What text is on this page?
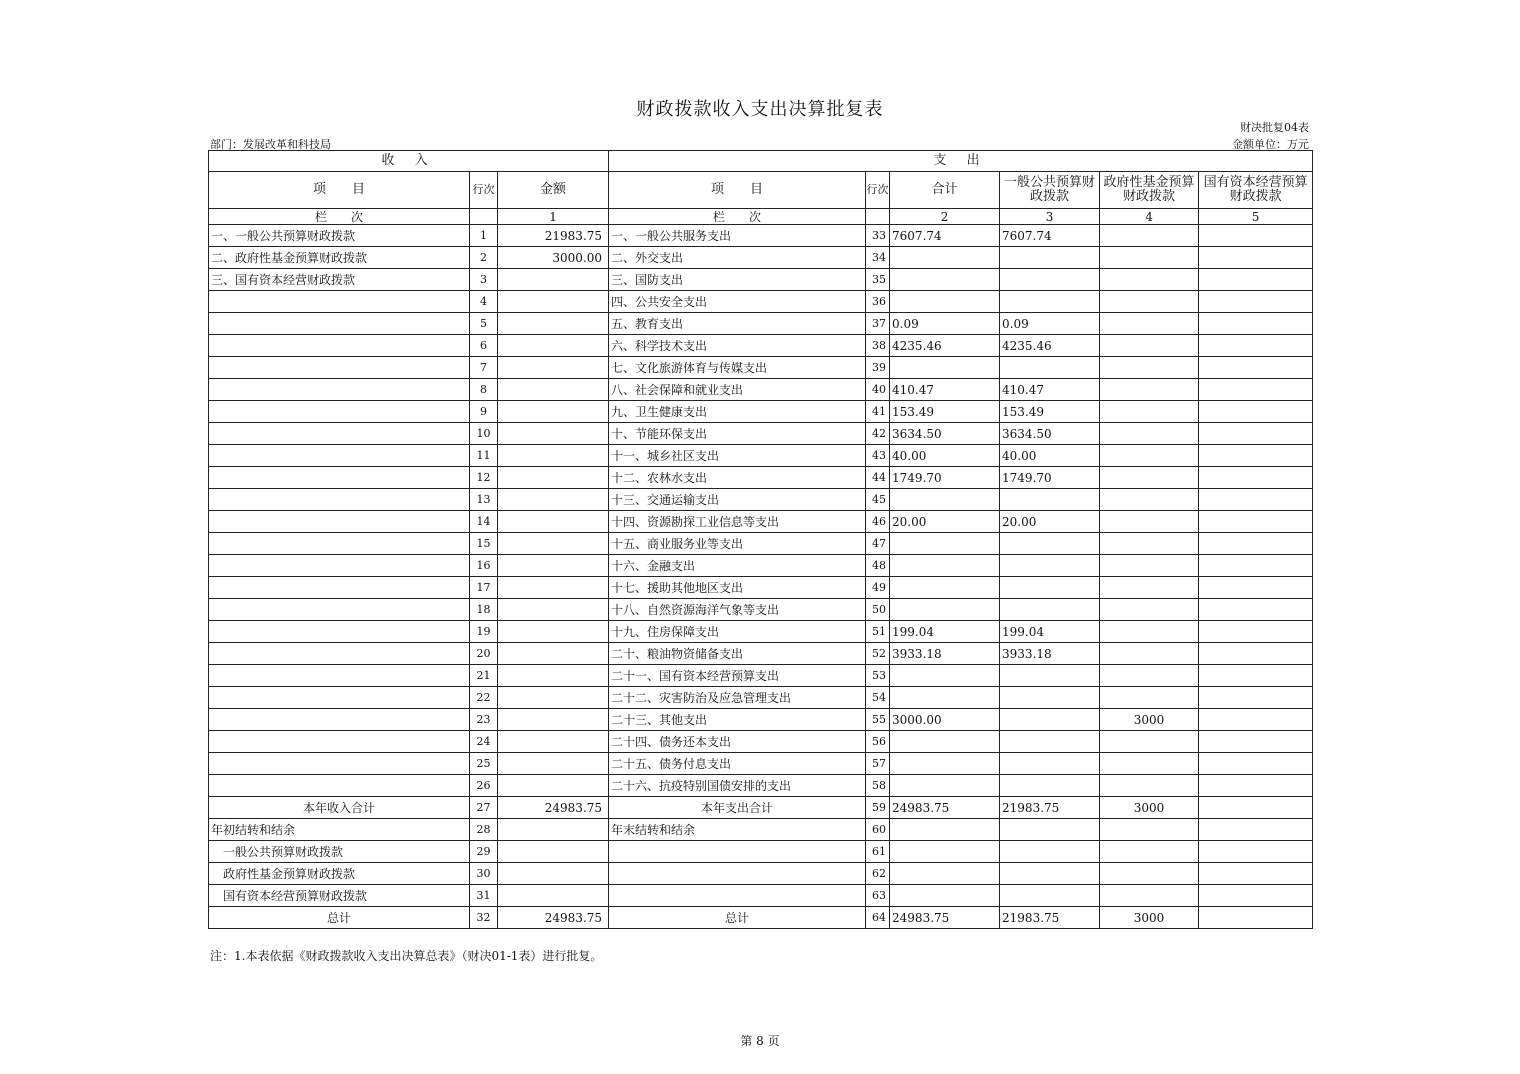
财政拨款收入支出决算批复表
财决批复04表
部门：发展改革和科技局	金额单位：万元
收 入			支 出					
项　　目	行次	金额	项　　目	行次	合计	一般公共预算财政拨款	政府性基金预算财政拨款	国有资本经营预算财政拨款
栏　　次		1	栏　　次		2	3	4	5
一、一般公共预算财政拨款	1	21983.75	一、一般公共服务支出	33	7607.74	7607.74		
二、政府性基金预算财政拨款	2	3000.00	二、外交支出	34				
三、国有资本经营财政拨款	3		三、国防支出	35				
	4		四、公共安全支出	36				
	5		五、教育支出	37	0.09	0.09		
	6		六、科学技术支出	38	4235.46	4235.46		
	7		七、文化旅游体育与传媒支出	39				
	8		八、社会保障和就业支出	40	410.47	410.47		
	9		九、卫生健康支出	41	153.49	153.49		
	10		十、节能环保支出	42	3634.50	3634.50		
	11		十一、城乡社区支出	43	40.00	40.00		
	12		十二、农林水支出	44	1749.70	1749.70		
	13		十三、交通运输支出	45				
	14		十四、资源勘探工业信息等支出	46	20.00	20.00		
	15		十五、商业服务业等支出	47				
	16		十六、金融支出	48				
	17		十七、援助其他地区支出	49				
	18		十八、自然资源海洋气象等支出	50				
	19		十九、住房保障支出	51	199.04	199.04		
	20		二十、粮油物资储备支出	52	3933.18	3933.18		
	21		二十一、国有资本经营预算支出	53				
	22		二十二、灾害防治及应急管理支出	54				
	23		二十三、其他支出	55	3000.00		3000	
	24		二十四、债务还本支出	56				
	25		二十五、债务付息支出	57				
	26		二十六、抗疫特别国债安排的支出	58				
本年收入合计	27	24983.75	本年支出合计	59	24983.75	21983.75	3000	
年初结转和结余	28		年末结转和结余	60				
一般公共预算财政拨款	29			61				
政府性基金预算财政拨款	30			62				
国有资本经营预算财政拨款	31			63				
总计	32	24983.75	总计	64	24983.75	21983.75	3000	
注：1.本表依据《财政拨款收入支出决算总表》（财决01-1表）进行批复。
第 8 页
